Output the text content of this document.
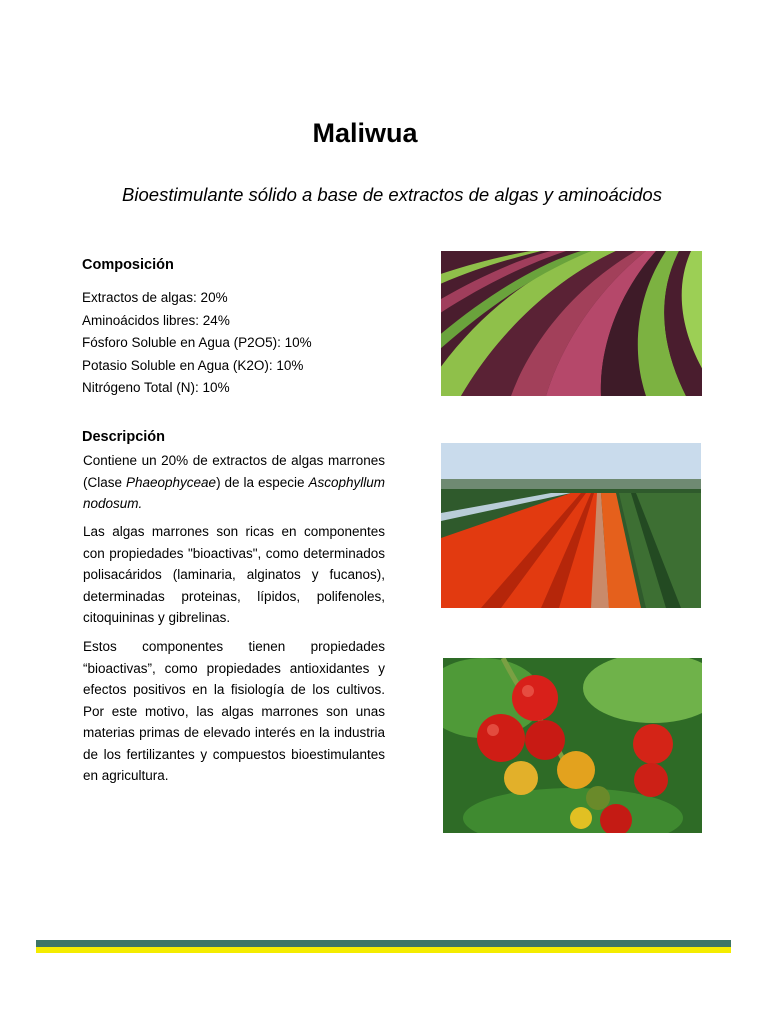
Maliwua
Bioestimulante sólido a base de extractos de algas y aminoácidos
Composición
Extractos de algas: 20%
Aminoácidos libres: 24%
Fósforo Soluble en Agua (P2O5): 10%
Potasio Soluble en Agua (K2O): 10%
Nitrógeno Total (N): 10%
Descripción
Contiene un 20% de extractos de algas marrones (Clase Phaeophyceae) de la especie Ascophyllum nodosum.
Las algas marrones son ricas en componentes con propiedades "bioactivas", como determinados polisacáridos (laminaria, alginatos y fucanos), determinadas proteinas, lípidos, polifenoles, citoquininas y gibrelinas.
Estos componentes tienen propiedades “bioactivas”, como propiedades antioxidantes y efectos positivos en la fisiología de los cultivos. Por este motivo, las algas marrones son unas materias primas de elevado interés en la industria de los fertilizantes y compuestos bioestimulantes en agricultura.
